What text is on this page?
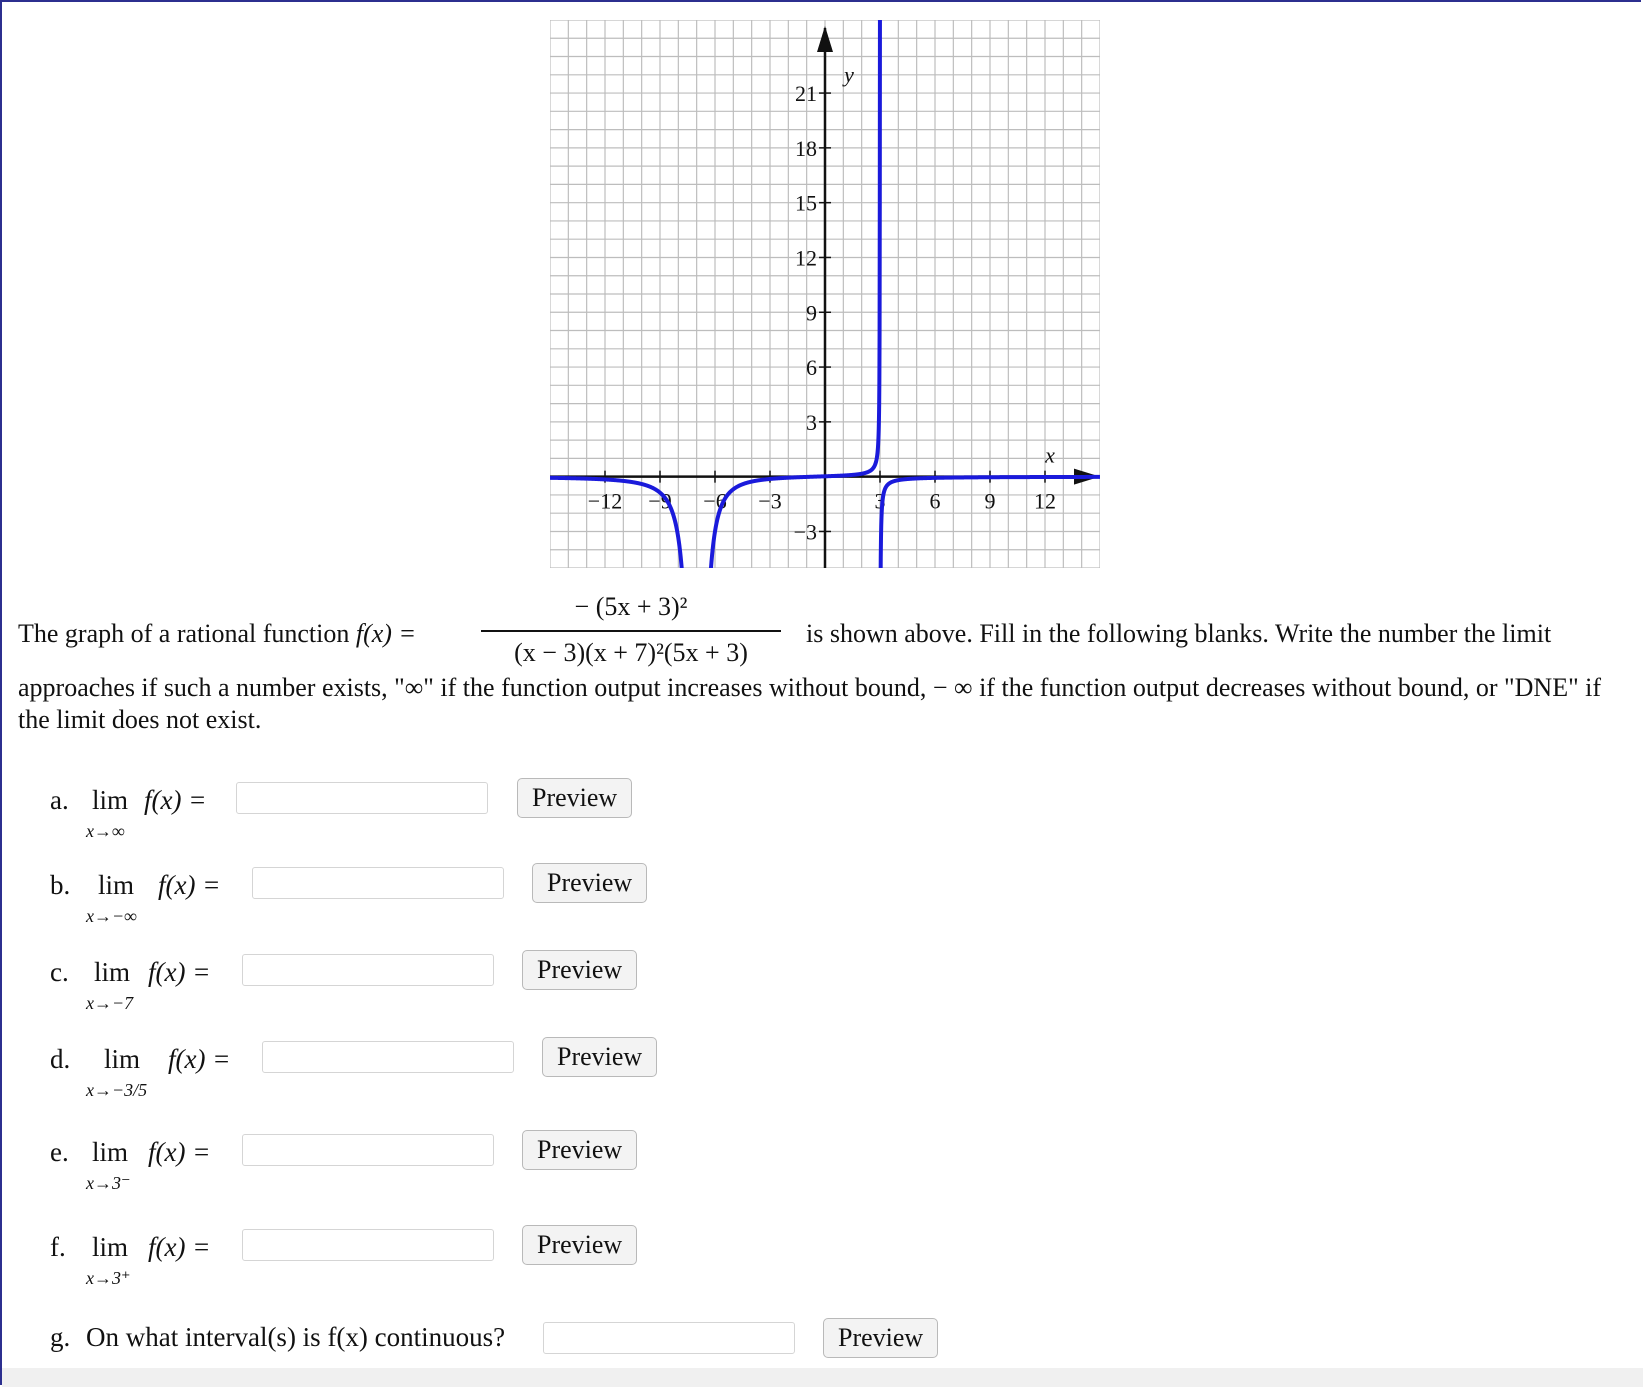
−12 −9 −6 −3	3 6 9 12
−3
3
6
9
12
15
18
21
x
y
The graph of a rational function f(x) =
− (5x + 3)²
(x − 3)(x + 7)²(5x + 3)
is shown above. Fill in the following blanks. Write the number the limit
approaches if such a number exists, "∞" if the function output increases without bound, − ∞ if the function output decreases without bound, or "DNE" if the limit does not exist.
a. lim
x→∞
f(x) =	Preview
b. lim
x→−∞
f(x) =	Preview
c. lim
x→−7
f(x) =	Preview
d. lim
x→−3/5
f(x) =	Preview
e. lim
x→3⁻
f(x) =	Preview
f. lim
x→3⁺
f(x) =	Preview
g. On what interval(s) is f(x) continuous?	Preview
